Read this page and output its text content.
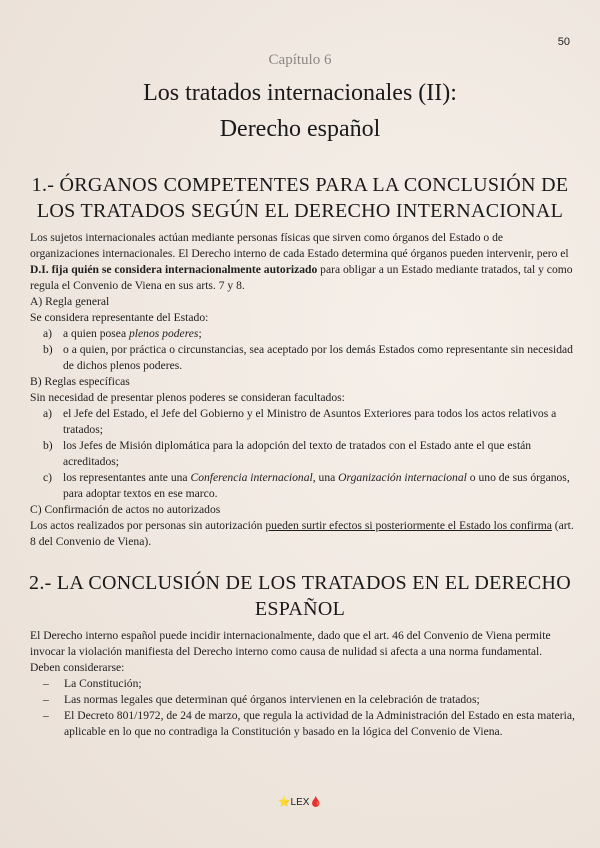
50
Capítulo 6
Los tratados internacionales (II):
Derecho español
1.- ÓRGANOS COMPETENTES PARA LA CONCLUSIÓN DE LOS TRATADOS SEGÚN EL DERECHO INTERNACIONAL

Los sujetos internacionales actúan mediante personas físicas que sirven como órganos del Estado o de organizaciones internacionales. El Derecho interno de cada Estado determina qué órganos pueden intervenir, pero el D.I. fija quién se considera internacionalmente autorizado para obligar a un Estado mediante tratados, tal y como regula el Convenio de Viena en sus arts. 7 y 8.

A) Regla general

Se considera representante del Estado:

a) a quien posea plenos poderes;
b) o a quien, por práctica o circunstancias, sea aceptado por los demás Estados como representante sin necesidad de dichos plenos poderes.

B) Reglas específicas

Sin necesidad de presentar plenos poderes se consideran facultados:

a) el Jefe del Estado, el Jefe del Gobierno y el Ministro de Asuntos Exteriores para todos los actos relativos a tratados;
b) los Jefes de Misión diplomática para la adopción del texto de tratados con el Estado ante el que están acreditados;
c) los representantes ante una Conferencia internacional, una Organización internacional o uno de sus órganos, para adoptar textos en ese marco.

C) Confirmación de actos no autorizados

Los actos realizados por personas sin autorización pueden surtir efectos si posteriormente el Estado los confirma (art. 8 del Convenio de Viena).

2.- LA CONCLUSIÓN DE LOS TRATADOS EN EL DERECHO ESPAÑOL

El Derecho interno español puede incidir internacionalmente, dado que el art. 46 del Convenio de Viena permite invocar la violación manifiesta del Derecho interno como causa de nulidad si afecta a una norma fundamental.

Deben considerarse:

– La Constitución;
– Las normas legales que determinan qué órganos intervienen en la celebración de tratados;
– El Decreto 801/1972, de 24 de marzo, que regula la actividad de la Administración del Estado en esta materia, aplicable en lo que no contradiga la Constitución y basado en la lógica del Convenio de Viena.
⭐LEX🩸
